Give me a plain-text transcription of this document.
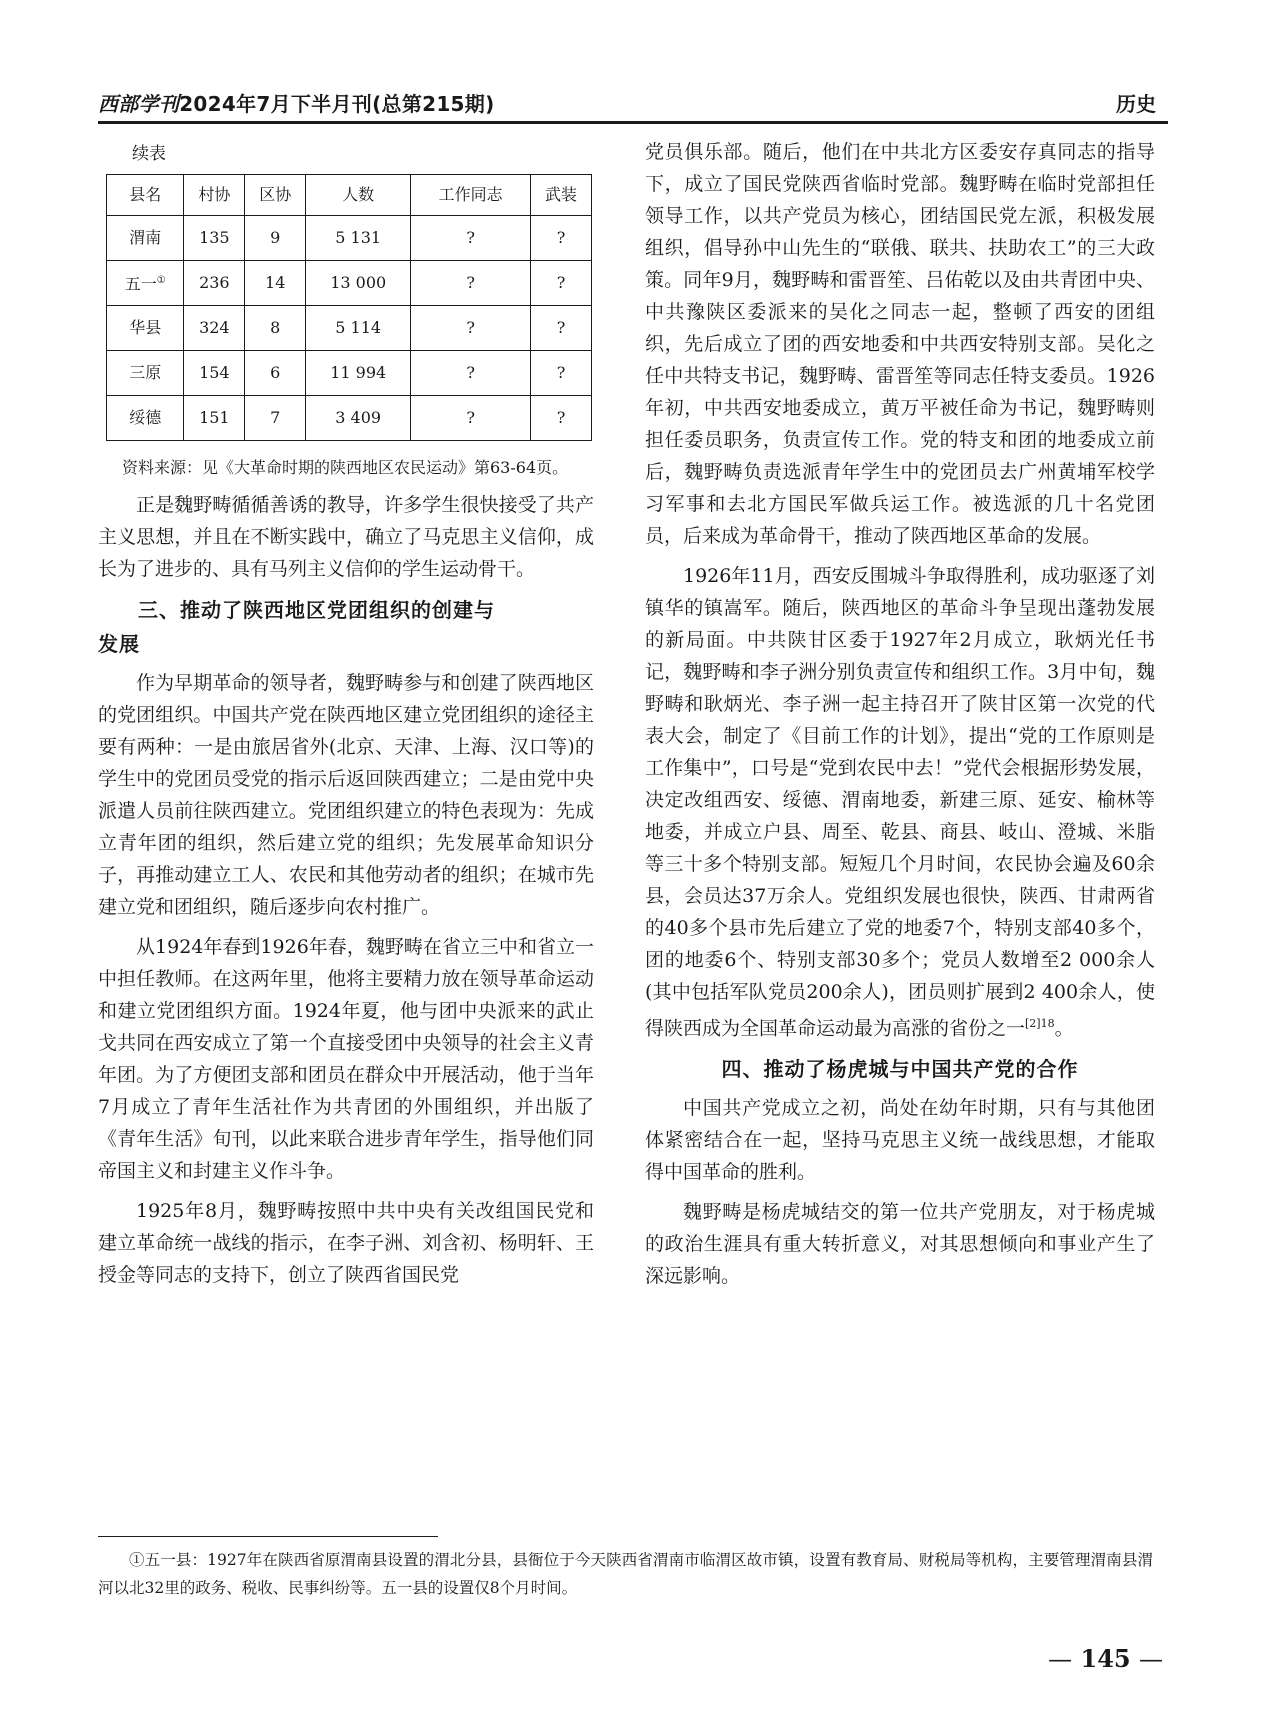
西部学刊2024年7月下半月刊(总第215期)	历史
续表
县名	村协	区协	人数	工作同志	武装
渭南	135	9	5 131	?	?
五一①	236	14	13 000	?	?
华县	324	8	5 114	?	?
三原	154	6	11 994	?	?
绥德	151	7	3 409	?	?
资料来源：见《大革命时期的陕西地区农民运动》第63-64页。

正是魏野畴循循善诱的教导，许多学生很快接受了共产主义思想，并且在不断实践中，确立了马克思主义信仰，成长为了进步的、具有马列主义信仰的学生运动骨干。

三、推动了陕西地区党团组织的创建与
发展

作为早期革命的领导者，魏野畴参与和创建了陕西地区的党团组织。中国共产党在陕西地区建立党团组织的途径主要有两种：一是由旅居省外(北京、天津、上海、汉口等)的学生中的党团员受党的指示后返回陕西建立；二是由党中央派遣人员前往陕西建立。党团组织建立的特色表现为：先成立青年团的组织，然后建立党的组织；先发展革命知识分子，再推动建立工人、农民和其他劳动者的组织；在城市先建立党和团组织，随后逐步向农村推广。

从1924年春到1926年春，魏野畴在省立三中和省立一中担任教师。在这两年里，他将主要精力放在领导革命运动和建立党团组织方面。1924年夏，他与团中央派来的武止戈共同在西安成立了第一个直接受团中央领导的社会主义青年团。为了方便团支部和团员在群众中开展活动，他于当年7月成立了青年生活社作为共青团的外围组织，并出版了《青年生活》旬刊，以此来联合进步青年学生，指导他们同帝国主义和封建主义作斗争。

1925年8月，魏野畴按照中共中央有关改组国民党和建立革命统一战线的指示，在李子洲、刘含初、杨明轩、王授金等同志的支持下，创立了陕西省国民党

党员俱乐部。随后，他们在中共北方区委安存真同志的指导下，成立了国民党陕西省临时党部。魏野畴在临时党部担任领导工作，以共产党员为核心，团结国民党左派，积极发展组织，倡导孙中山先生的“联俄、联共、扶助农工”的三大政策。同年9月，魏野畴和雷晋笙、吕佑乾以及由共青团中央、中共豫陕区委派来的吴化之同志一起，整顿了西安的团组织，先后成立了团的西安地委和中共西安特别支部。吴化之任中共特支书记，魏野畴、雷晋笙等同志任特支委员。1926年初，中共西安地委成立，黄万平被任命为书记，魏野畴则担任委员职务，负责宣传工作。党的特支和团的地委成立前后，魏野畴负责选派青年学生中的党团员去广州黄埔军校学习军事和去北方国民军做兵运工作。被选派的几十名党团员，后来成为革命骨干，推动了陕西地区革命的发展。

1926年11月，西安反围城斗争取得胜利，成功驱逐了刘镇华的镇嵩军。随后，陕西地区的革命斗争呈现出蓬勃发展的新局面。中共陕甘区委于1927年2月成立，耿炳光任书记，魏野畴和李子洲分别负责宣传和组织工作。3月中旬，魏野畴和耿炳光、李子洲一起主持召开了陕甘区第一次党的代表大会，制定了《目前工作的计划》，提出“党的工作原则是工作集中”，口号是“党到农民中去！”党代会根据形势发展，决定改组西安、绥德、渭南地委，新建三原、延安、榆林等地委，并成立户县、周至、乾县、商县、岐山、澄城、米脂等三十多个特别支部。短短几个月时间，农民协会遍及60余县，会员达37万余人。党组织发展也很快，陕西、甘肃两省的40多个县市先后建立了党的地委7个，特别支部40多个，团的地委6个、特别支部30多个；党员人数增至2 000余人(其中包括军队党员200余人)，团员则扩展到2 400余人，使得陕西成为全国革命运动最为高涨的省份之一$^{[2]18}$。

四、推动了杨虎城与中国共产党的合作

中国共产党成立之初，尚处在幼年时期，只有与其他团体紧密结合在一起，坚持马克思主义统一战线思想，才能取得中国革命的胜利。

魏野畴是杨虎城结交的第一位共产党朋友，对于杨虎城的政治生涯具有重大转折意义，对其思想倾向和事业产生了深远影响。

①五一县：1927年在陕西省原渭南县设置的渭北分县，县衙位于今天陕西省渭南市临渭区故市镇，设置有教育局、财税局等机构，主要管理渭南县渭河以北32里的政务、税收、民事纠纷等。五一县的设置仅8个月时间。
— 145 —
